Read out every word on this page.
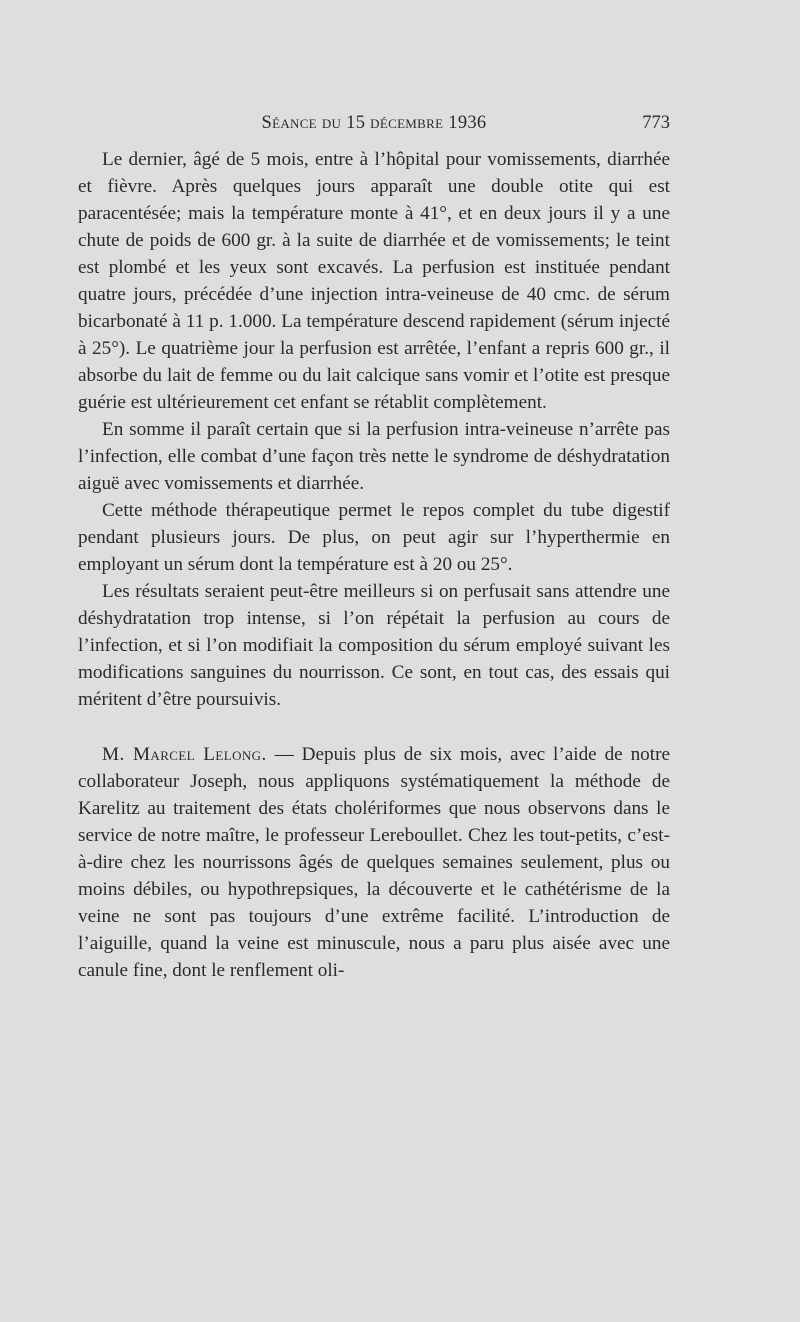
Séance du 15 décembre 1936	773

Le dernier, âgé de 5 mois, entre à l’hôpital pour vomissements, diarrhée et fièvre. Après quelques jours apparaît une double otite qui est paracentésée; mais la température monte à 41°, et en deux jours il y a une chute de poids de 600 gr. à la suite de diarrhée et de vomissements; le teint est plombé et les yeux sont excavés. La perfusion est instituée pendant quatre jours, précédée d’une injection intra-veineuse de 40 cmc. de sérum bicarbonaté à 11 p. 1.000. La température descend rapidement (sérum injecté à 25°). Le quatrième jour la perfusion est arrêtée, l’enfant a repris 600 gr., il absorbe du lait de femme ou du lait calcique sans vomir et l’otite est presque guérie est ultérieurement cet enfant se rétablit complètement.

En somme il paraît certain que si la perfusion intra-veineuse n’arrête pas l’infection, elle combat d’une façon très nette le syndrome de déshydratation aiguë avec vomissements et diarrhée.

Cette méthode thérapeutique permet le repos complet du tube digestif pendant plusieurs jours. De plus, on peut agir sur l’hyperthermie en employant un sérum dont la température est à 20 ou 25°.

Les résultats seraient peut-être meilleurs si on perfusait sans attendre une déshydratation trop intense, si l’on répétait la perfusion au cours de l’infection, et si l’on modifiait la composition du sérum employé suivant les modifications sanguines du nourrisson. Ce sont, en tout cas, des essais qui méritent d’être poursuivis.

M. Marcel Lelong. — Depuis plus de six mois, avec l’aide de notre collaborateur Joseph, nous appliquons systématiquement la méthode de Karelitz au traitement des états cholériformes que nous observons dans le service de notre maître, le professeur Lereboullet. Chez les tout-petits, c’est-à-dire chez les nourrissons âgés de quelques semaines seulement, plus ou moins débiles, ou hypothrepsiques, la découverte et le cathétérisme de la veine ne sont pas toujours d’une extrême facilité. L’introduction de l’aiguille, quand la veine est minuscule, nous a paru plus aisée avec une canule fine, dont le renflement oli-
